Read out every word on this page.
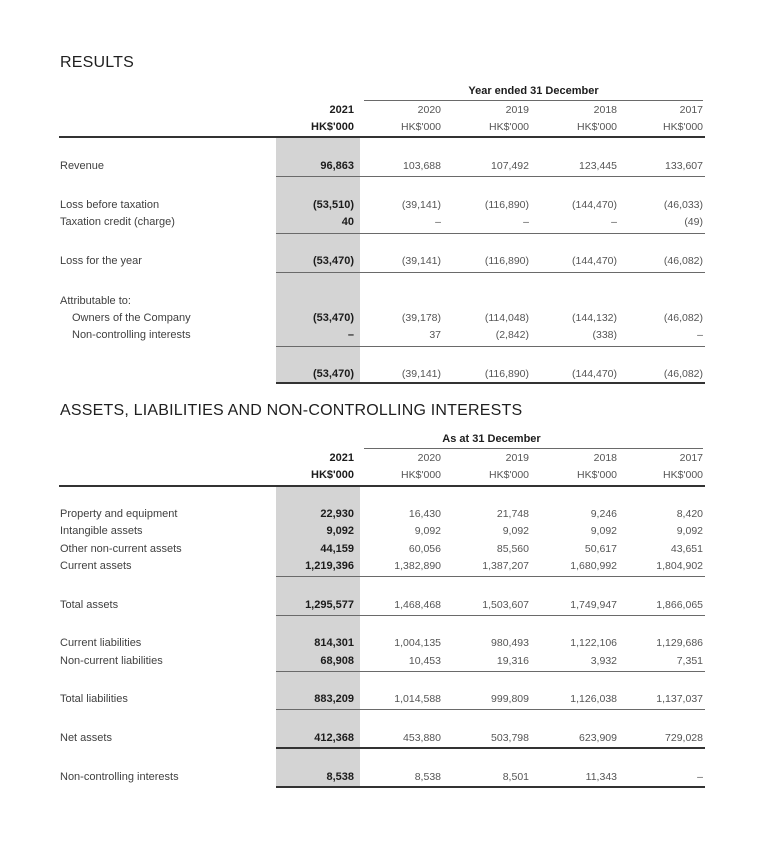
RESULTS
Year ended 31 December
2021	2020	2019	2018	2017
HK$'000	HK$'000	HK$'000	HK$'000	HK$'000
Revenue	96,863	103,688	107,492	123,445	133,607
Loss before taxation	(53,510)	(39,141)	(116,890)	(144,470)	(46,033)
Taxation credit (charge)	40	–	–	–	(49)
Loss for the year	(53,470)	(39,141)	(116,890)	(144,470)	(46,082)
Attributable to:
Owners of the Company	(53,470)	(39,178)	(114,048)	(144,132)	(46,082)
Non-controlling interests	–	37	(2,842)	(338)	–
(53,470)	(39,141)	(116,890)	(144,470)	(46,082)
ASSETS, LIABILITIES AND NON-CONTROLLING INTERESTS
As at 31 December
2021	2020	2019	2018	2017
HK$'000	HK$'000	HK$'000	HK$'000	HK$'000
Property and equipment	22,930	16,430	21,748	9,246	8,420
Intangible assets	9,092	9,092	9,092	9,092	9,092
Other non-current assets	44,159	60,056	85,560	50,617	43,651
Current assets	1,219,396	1,382,890	1,387,207	1,680,992	1,804,902
Total assets	1,295,577	1,468,468	1,503,607	1,749,947	1,866,065
Current liabilities	814,301	1,004,135	980,493	1,122,106	1,129,686
Non-current liabilities	68,908	10,453	19,316	3,932	7,351
Total liabilities	883,209	1,014,588	999,809	1,126,038	1,137,037
Net assets	412,368	453,880	503,798	623,909	729,028
Non-controlling interests	8,538	8,538	8,501	11,343	–
